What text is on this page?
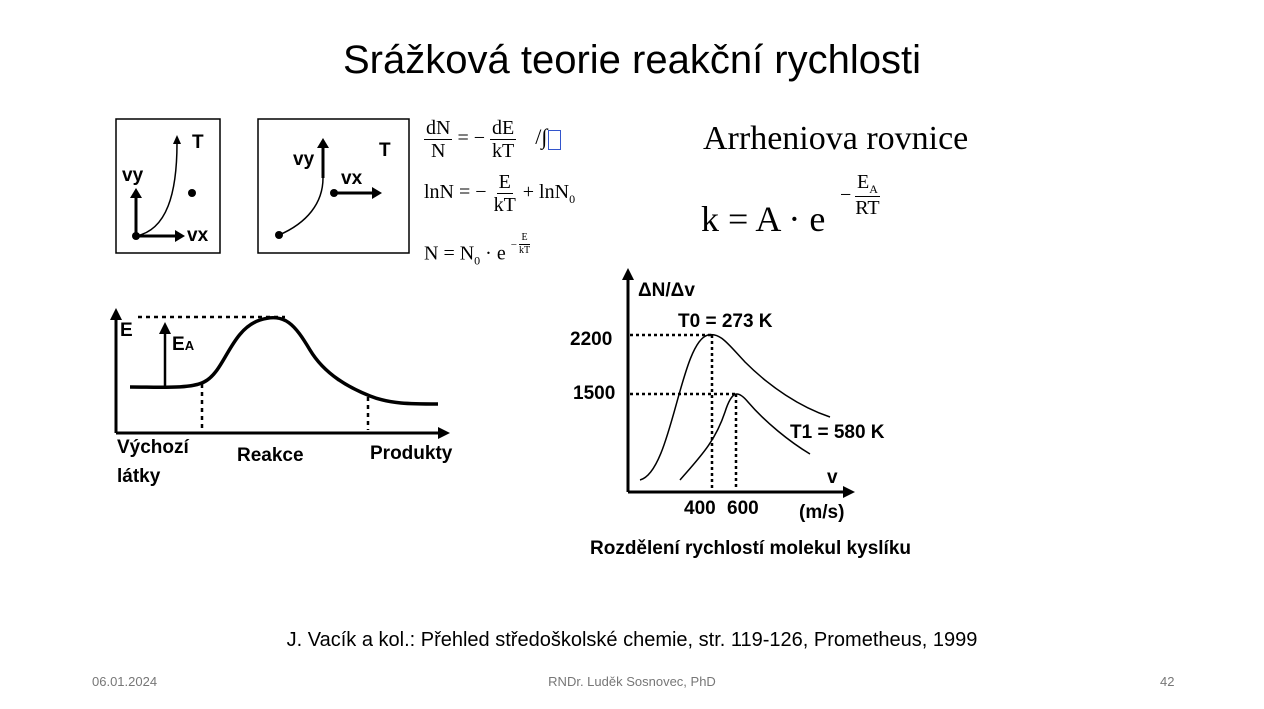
Srážková teorie reakční rychlosti
vy
vx
T
vy
vx
T $\frac{dN}{N}$ = − $\frac{dE}{kT}$ /∫
lnN = − $\frac{E}{kT} + \ln N_0$
$N = N_0 \cdot e - \frac{E}{kT}$
Arrheniova rovnice
k = A · e
− $\frac{E_A}{RT}$
E
EA
Výchozí
látky
Reakce	Produkty
ΔN/Δv
T0 = 273 K
T1 = 580 K
2200
1500
v
400 600 (m/s)
Rozdělení rychlostí molekul kyslíku
J. Vacík a kol.: Přehled středoškolské chemie, str. 119-126, Prometheus, 1999
06.01.2024	RNDr. Luděk Sosnovec, PhD	42
